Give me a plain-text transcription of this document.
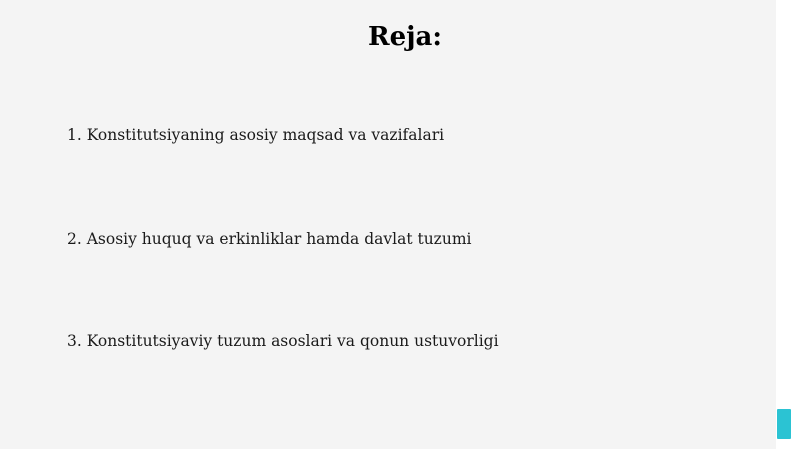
Reja:
1. Konstitutsiyaning asosiy maqsad va vazifalari
2. Asosiy huquq va erkinliklar hamda davlat tuzumi
3. Konstitutsiyaviy tuzum asoslari va qonun ustuvorligi
